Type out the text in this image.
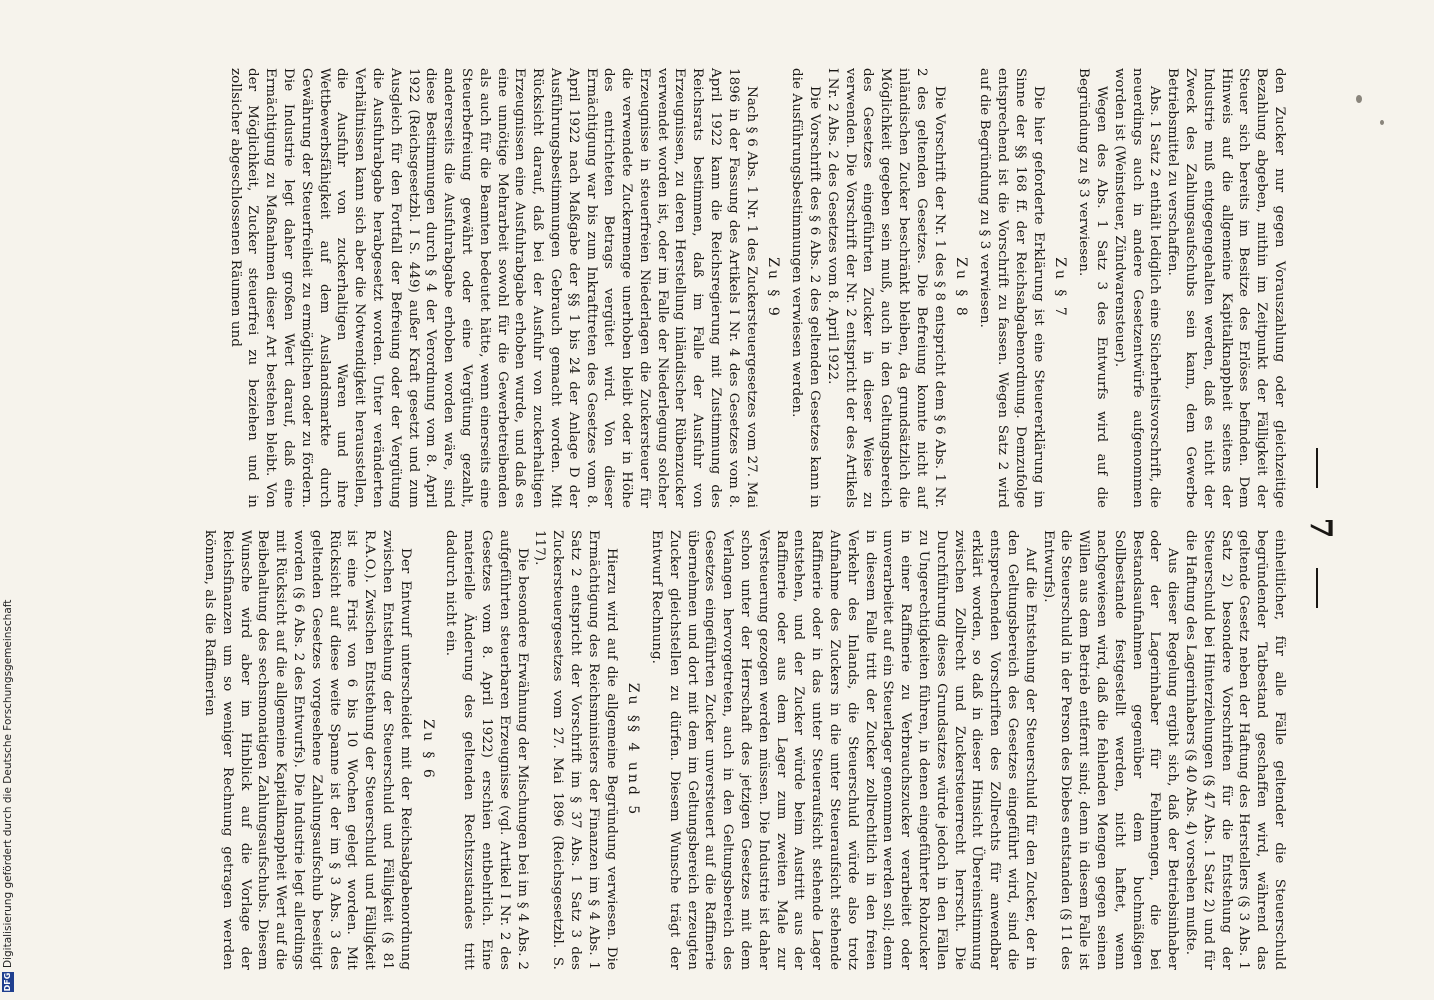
7

den Zucker nur gegen Vorauszahlung oder gleichzeitige Bezahlung abgeben, mithin im Zeitpunkt der Fälligkeit der Steuer sich bereits im Besitze des Erlöses befinden. Dem Hinweis auf die allgemeine Kapitalknappheit seitens der Industrie muß entgegengehalten werden, daß es nicht der Zweck des Zahlungsaufschubs sein kann, dem Gewerbe Betriebsmittel zu verschaffen.

Abs. 1 Satz 2 enthält lediglich eine Sicherheitsvorschrift, die neuerdings auch in andere Gesetzentwürfe aufgenommen worden ist (Weinsteuer, Zündwarensteuer).

Wegen des Abs. 1 Satz 3 des Entwurfs wird auf die Begründung zu § 3 verwiesen.

Zu § 7

Die hier geforderte Erklärung ist eine Steuererklärung im Sinne der §§ 168 ff. der Reichsabgabenordnung. Demzufolge entsprechend ist die Vorschrift zu fassen. Wegen Satz 2 wird auf die Begründung zu § 3 verwiesen.

Zu § 8

Die Vorschrift der Nr. 1 des § 8 entspricht dem § 6 Abs. 1 Nr. 2 des geltenden Gesetzes. Die Befreiung konnte nicht auf inländischen Zucker beschränkt bleiben, da grundsätzlich die Möglichkeit gegeben sein muß, auch in den Geltungsbereich des Gesetzes eingeführten Zucker in dieser Weise zu verwenden. Die Vorschrift der Nr. 2 entspricht der des Artikels I Nr. 2 Abs. 2 des Gesetzes vom 8. April 1922.

Die Vorschrift des § 6 Abs. 2 des geltenden Gesetzes kann in die Ausführungsbestimmungen verwiesen werden.

Zu § 9

Nach § 6 Abs. 1 Nr. 1 des Zuckersteuergesetzes vom 27. Mai 1896 in der Fassung des Artikels I Nr. 4 des Gesetzes vom 8. April 1922 kann die Reichsregierung mit Zustimmung des Reichsrats bestimmen, daß im Falle der Ausfuhr von Erzeugnissen, zu deren Herstellung inländischer Rübenzucker verwendet worden ist, oder im Falle der Niederlegung solcher Erzeugnisse in steuerfreien Niederlagen die Zuckersteuer für die verwendete Zuckermenge unerhoben bleibt oder in Höhe des entrichteten Betrags vergütet wird. Von dieser Ermächtigung war bis zum Inkrafttreten des Gesetzes vom 8. April 1922 nach Maßgabe der §§ 1 bis 24 der Anlage D der Ausführungsbestimmungen Gebrauch gemacht worden. Mit Rücksicht darauf, daß bei der Ausfuhr von zuckerhaltigen Erzeugnissen eine Ausfuhrabgabe erhoben wurde, und daß es eine unnötige Mehrarbeit sowohl für die Gewerbetreibenden als auch für die Beamten bedeutet hätte, wenn einerseits eine Steuerbefreiung gewährt oder eine Vergütung gezahlt, andererseits die Ausfuhrabgabe erhoben worden wäre, sind diese Bestimmungen durch § 4 der Verordnung vom 8. April 1922 (Reichsgesetzbl. I S. 449) außer Kraft gesetzt und zum Ausgleich für den Fortfall der Befreiung oder der Vergütung die Ausfuhrabgabe herabgesetzt worden. Unter veränderten Verhältnissen kann sich aber die Notwendigkeit herausstellen, die Ausfuhr von zuckerhaltigen Waren und ihre Wettbewerbsfähigkeit auf dem Auslandsmarkte durch Gewährung der Steuerfreiheit zu ermöglichen oder zu fördern. Die Industrie legt daher großen Wert darauf, daß eine Ermächtigung zu Maßnahmen dieser Art bestehen bleibt. Von der Möglichkeit, Zucker steuerfrei zu beziehen und in zollsicher abgeschlossenen Räumen und

einheitlicher, für alle Fälle geltender die Steuerschuld begründender Tatbestand geschaffen wird, während das geltende Gesetz neben der Haftung des Herstellers (§ 3 Abs. 1 Satz 2) besondere Vorschriften für die Entstehung der Steuerschuld bei Hinterziehungen (§ 47 Abs. 1 Satz 2) und für die Haftung des Lagerinhabers (§ 40 Abs. 4) vorsehen mußte.

Aus dieser Regelung ergibt sich, daß der Betriebsinhaber oder der Lagerinhaber für Fehlmengen, die bei Bestandsaufnahmen gegenüber dem buchmäßigen Sollbestande festgestellt werden, nicht haftet, wenn nachgewiesen wird, daß die fehlenden Mengen gegen seinen Willen aus dem Betrieb entfernt sind; denn in diesem Falle ist die Steuerschuld in der Person des Diebes entstanden (§ 11 des Entwurfs).

Auf die Entstehung der Steuerschuld für den Zucker, der in den Geltungsbereich des Gesetzes eingeführt wird, sind die entsprechenden Vorschriften des Zollrechts für anwendbar erklärt worden, so daß in dieser Hinsicht Übereinstimmung zwischen Zollrecht und Zuckersteuerrecht herrscht. Die Durchführung dieses Grundsatzes würde jedoch in den Fällen zu Ungerechtigkeiten führen, in denen eingeführter Rohzucker in einer Raffinerie zu Verbrauchszucker verarbeitet oder unverarbeitet auf ein Steuerlager genommen werden soll; denn in diesem Falle tritt der Zucker zollrechtlich in den freien Verkehr des Inlands, die Steuerschuld würde also trotz Aufnahme des Zuckers in die unter Steueraufsicht stehende Raffinerie oder in das unter Steueraufsicht stehende Lager entstehen, und der Zucker würde beim Austritt aus der Raffinerie oder aus dem Lager zum zweiten Male zur Versteuerung gezogen werden müssen. Die Industrie ist daher schon unter der Herrschaft des jetzigen Gesetzes mit dem Verlangen hervorgetreten, auch in den Geltungsbereich des Gesetzes eingeführten Zucker unversteuert auf die Raffinerie übernehmen und dort mit dem im Geltungsbereich erzeugten Zucker gleichstellen zu dürfen. Diesem Wunsche trägt der Entwurf Rechnung.

Zu §§ 4 und 5

Hierzu wird auf die allgemeine Begründung verwiesen. Die Ermächtigung des Reichsministers der Finanzen im § 4 Abs. 1 Satz 2 entspricht der Vorschrift im § 37 Abs. 1 Satz 3 des Zuckersteuergesetzes vom 27. Mai 1896 (Reichsgesetzbl. S. 117).

Die besondere Erwähnung der Mischungen bei im § 4 Abs. 2 aufgeführten steuerbaren Erzeugnisse (vgl. Artikel I Nr. 2 des Gesetzes vom 8. April 1922) erschien entbehrlich. Eine materielle Änderung des geltenden Rechtszustandes tritt dadurch nicht ein.

Zu § 6

Der Entwurf unterscheidet mit der Reichsabgabenordnung zwischen Entstehung der Steuerschuld und Fälligkeit (§ 81 R.A.O.). Zwischen Entstehung der Steuerschuld und Fälligkeit ist eine Frist von 6 bis 10 Wochen gelegt worden. Mit Rücksicht auf diese weite Spanne ist der im § 3 Abs. 3 des geltenden Gesetzes vorgesehene Zahlungsaufschub beseitigt worden (§ 6 Abs. 2 des Entwurfs). Die Industrie legt allerdings mit Rücksicht auf die allgemeine Kapitalknappheit Wert auf die Beibehaltung des sechsmonatigen Zahlungsaufschubs. Diesem Wunsche wird aber im Hinblick auf die Vorlage der Reichsfinanzen um so weniger Rechnung getragen werden können, als die Raffinerien

DFGDigitalisierung gefördert durch die Deutsche Forschungsgemeinschaft
